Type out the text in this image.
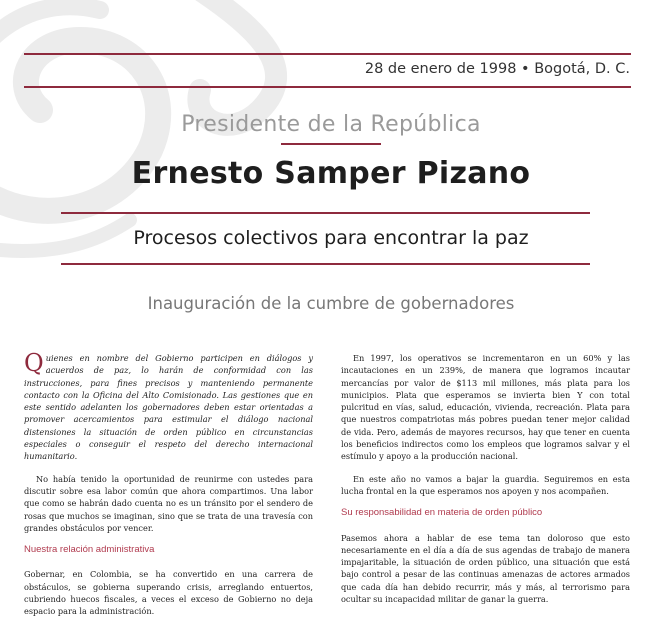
28 de enero de 1998 • Bogotá, D. C.
Presidente de la República
Ernesto Samper Pizano
Procesos colectivos para encontrar la paz
Inauguración de la cumbre de gobernadores

Quienes en nombre del Gobierno participen en diálogos y acuerdos de paz, lo harán de conformidad con las instrucciones, para fines precisos y manteniendo permanente contacto con la Oficina del Alto Comisionado. Las gestiones que en este sentido adelanten los gobernadores deben estar orientadas a promover acercamientos para estimular el diálogo nacional distensiones la situación de orden público en circunstancias especiales o conseguir el respeto del derecho internacional humanitario.

No había tenido la oportunidad de reunirme con ustedes para discutir sobre esa labor común que ahora compartimos. Una labor que como se habrán dado cuenta no es un tránsito por el sendero de rosas que muchos se imaginan, sino que se trata de una travesía con grandes obstáculos por vencer.

Nuestra relación administrativa

Gobernar, en Colombia, se ha convertido en una carrera de obstáculos, se gobierna superando crisis, arreglando entuertos, cubriendo huecos fiscales, a veces el exceso de Gobierno no deja espacio para la administración.

En 1997, los operativos se incrementaron en un 60% y las incautaciones en un 239%, de manera que logramos incautar mercancías por valor de $113 mil millones, más plata para los municipios. Plata que esperamos se invierta bien Y con total pulcritud en vías, salud, educación, vivienda, recreación. Plata para que nuestros compatriotas más pobres puedan tener mejor calidad de vida. Pero, además de mayores recursos, hay que tener en cuenta los beneficios indirectos como los empleos que logramos salvar y el estímulo y apoyo a la producción nacional.

En este año no vamos a bajar la guardia. Seguiremos en esta lucha frontal en la que esperamos nos apoyen y nos acompañen.

Su responsabilidad en materia de orden público

Pasemos ahora a hablar de ese tema tan doloroso que esto necesariamente en el día a día de sus agendas de trabajo de manera impajaritable, la situación de orden público, una situación que está bajo control a pesar de las continuas amenazas de actores armados que cada día han debido recurrir, más y más, al terrorismo para ocultar su incapacidad militar de ganar la guerra.
